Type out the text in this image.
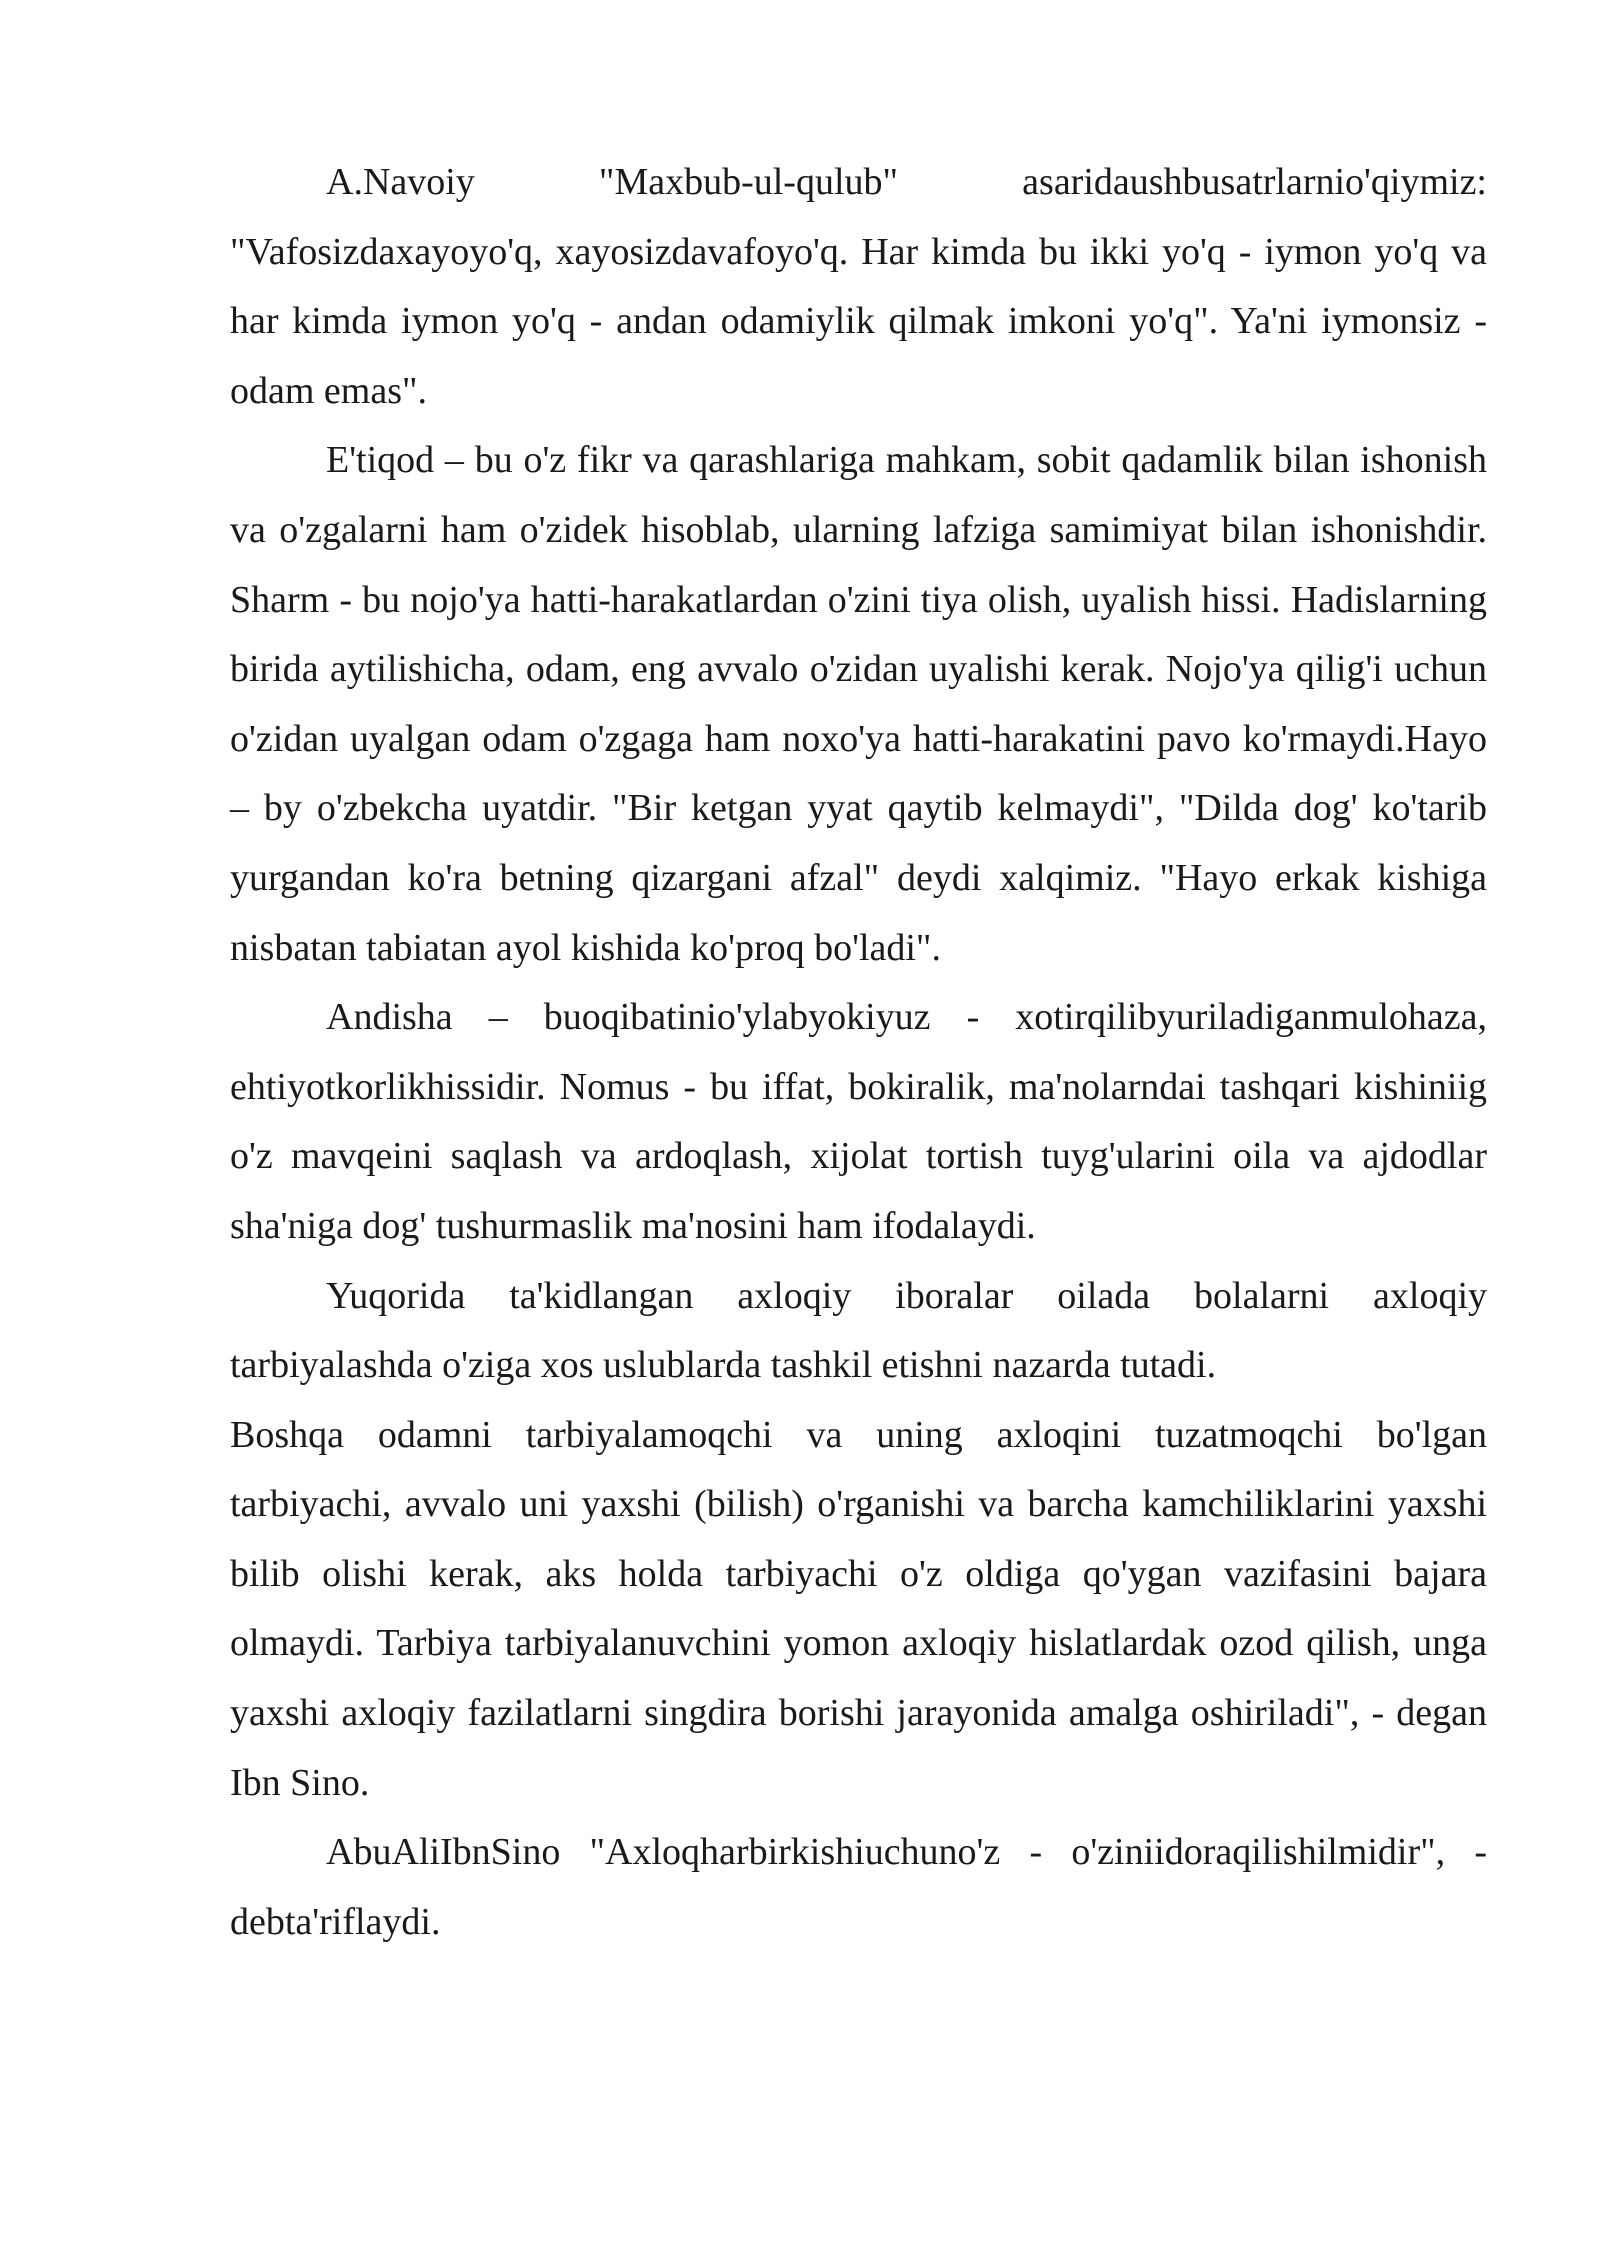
A.Navoiy "Maxbub-ul-qulub" asaridaushbusatrlarnio'qiymiz: "Vafosizdaxayoyo'q, xayosizdavafoyo'q. Har kimda bu ikki yo'q - iymon yo'q va har kimda iymon yo'q - andan odamiylik qilmak imkoni yo'q". Ya'ni iymonsiz - odam emas".

E'tiqod – bu o'z fikr va qarashlariga mahkam, sobit qadamlik bilan ishonish va o'zgalarni ham o'zidek hisoblab, ularning lafziga samimiyat bilan ishonishdir. Sharm - bu nojo'ya hatti-harakatlardan o'zini tiya olish, uyalish hissi. Hadislarning birida aytilishicha, odam, eng avvalo o'zidan uyalishi kerak. Nojo'ya qilig'i uchun o'zidan uyalgan odam o'zgaga ham noxo'ya hatti-harakatini pavo ko'rmaydi.Hayo – by o'zbekcha uyatdir. "Bir ketgan yyat qaytib kelmaydi", "Dilda dog' ko'tarib yurgandan ko'ra betning qizargani afzal" deydi xalqimiz. "Hayo erkak kishiga nisbatan tabiatan ayol kishida ko'proq bo'ladi".

Andisha – buoqibatinio'ylabyokiyuz - xotirqilibyuriladiganmulohaza, ehtiyotkorlikhissidir. Nomus - bu iffat, bokiralik, ma'nolarndai tashqari kishiniig o'z mavqeini saqlash va ardoqlash, xijolat tortish tuyg'ularini oila va ajdodlar sha'niga dog' tushurmaslik ma'nosini ham ifodalaydi.

Yuqorida ta'kidlangan axloqiy iboralar oilada bolalarni axloqiy tarbiyalashda o'ziga xos uslublarda tashkil etishni nazarda tutadi.

Boshqa odamni tarbiyalamoqchi va uning axloqini tuzatmoqchi bo'lgan tarbiyachi, avvalo uni yaxshi (bilish) o'rganishi va barcha kamchiliklarini yaxshi bilib olishi kerak, aks holda tarbiyachi o'z oldiga qo'ygan vazifasini bajara olmaydi. Tarbiya tarbiyalanuvchini yomon axloqiy hislatlardak ozod qilish, unga yaxshi axloqiy fazilatlarni singdira borishi jarayonida amalga oshiriladi", - degan Ibn Sino.

AbuAliIbnSino "Axloqharbirkishiuchuno'z - o'ziniidoraqilishilmidir", - debta'riflaydi.
